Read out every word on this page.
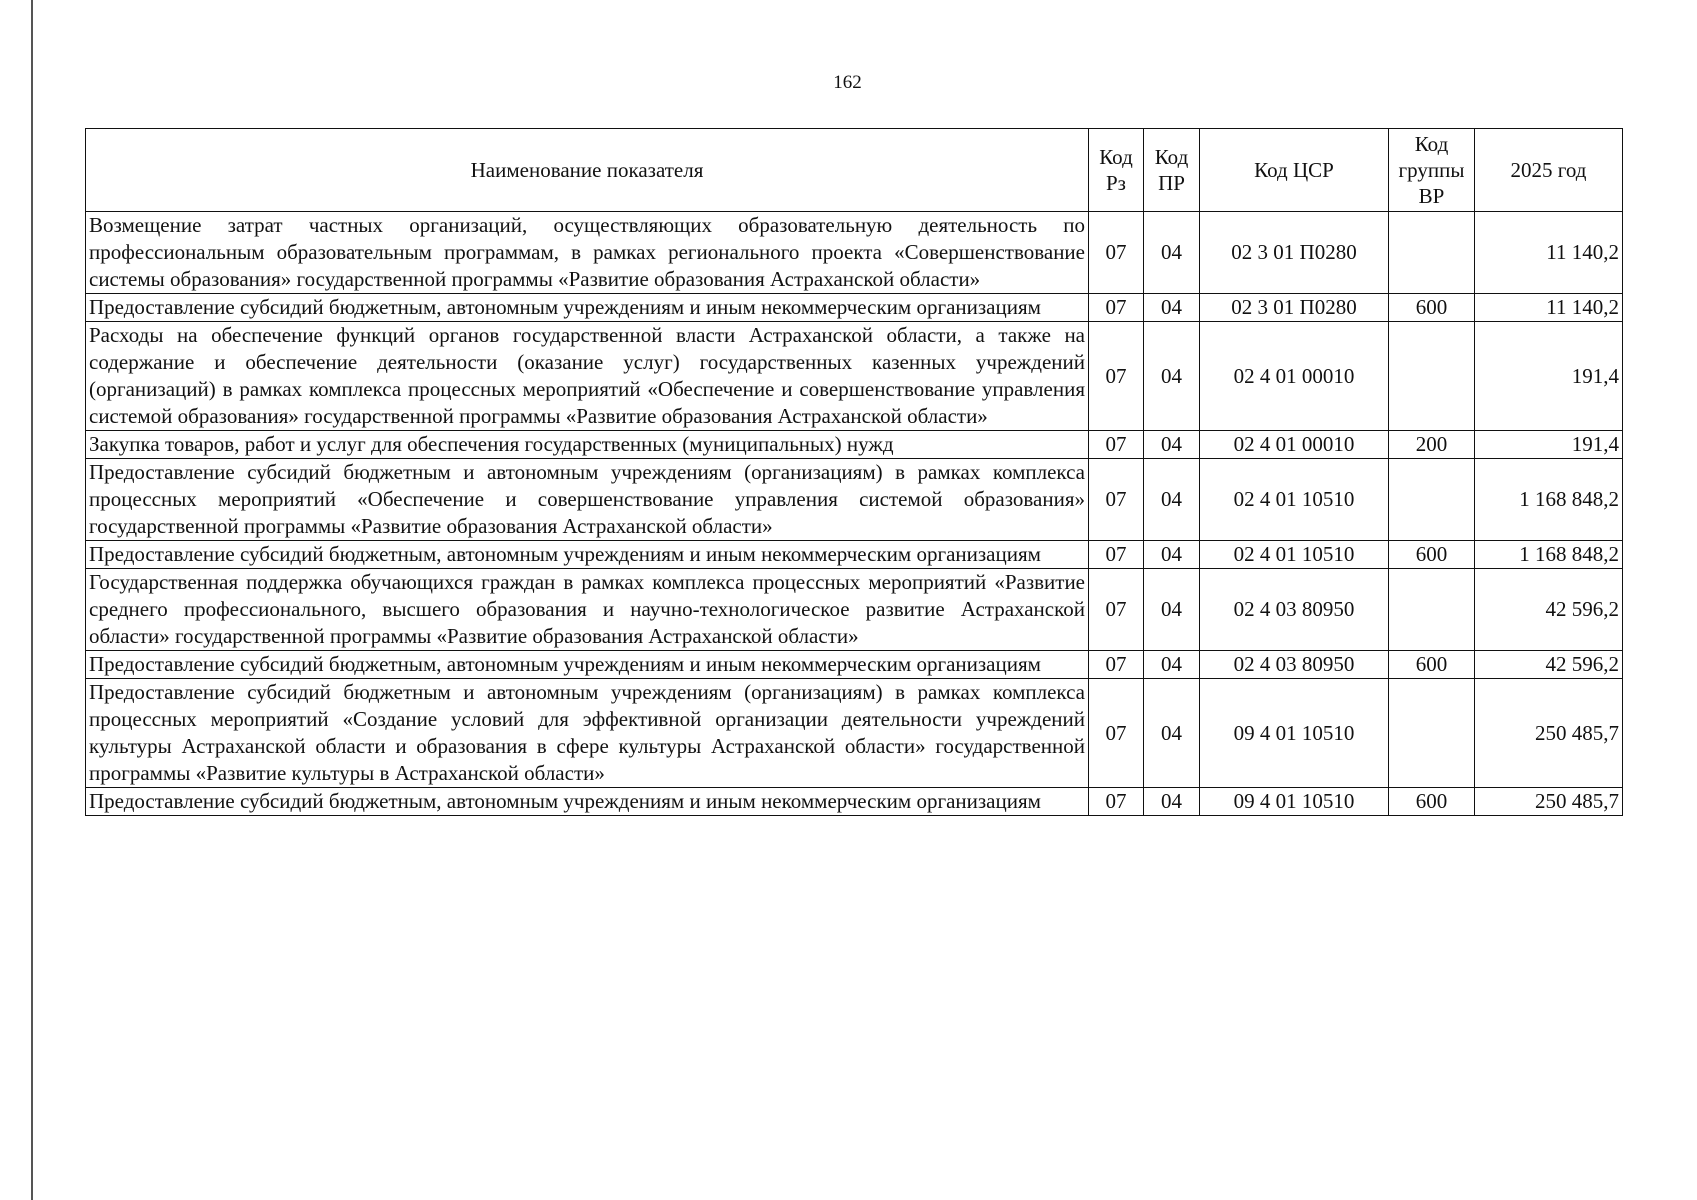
162
Наименование показателя	Код Рз	Код ПР	Код ЦСР	Код группы ВР	2025 год
Возмещение затрат частных организаций, осуществляющих образовательную деятельность по профессиональным образовательным программам, в рамках регионального проекта «Совершенствование системы образования» государственной программы «Развитие образования Астраханской области»	07	04	02 3 01 П0280		11 140,2
Предоставление субсидий бюджетным, автономным учреждениям и иным некоммерческим организациям	07	04	02 3 01 П0280	600	11 140,2
Расходы на обеспечение функций органов государственной власти Астраханской области, а также на содержание и обеспечение деятельности (оказание услуг) государственных казенных учреждений (организаций) в рамках комплекса процессных мероприятий «Обеспечение и совершенствование управления системой образования» государственной программы «Развитие образования Астраханской области»	07	04	02 4 01 00010		191,4
Закупка товаров, работ и услуг для обеспечения государственных (муниципальных) нужд	07	04	02 4 01 00010	200	191,4
Предоставление субсидий бюджетным и автономным учреждениям (организациям) в рамках комплекса процессных мероприятий «Обеспечение и совершенствование управления системой образования» государственной программы «Развитие образования Астраханской области»	07	04	02 4 01 10510		1 168 848,2
Предоставление субсидий бюджетным, автономным учреждениям и иным некоммерческим организациям	07	04	02 4 01 10510	600	1 168 848,2
Государственная поддержка обучающихся граждан в рамках комплекса процессных мероприятий «Развитие среднего профессионального, высшего образования и научно-технологическое развитие Астраханской области» государственной программы «Развитие образования Астраханской области»	07	04	02 4 03 80950		42 596,2
Предоставление субсидий бюджетным, автономным учреждениям и иным некоммерческим организациям	07	04	02 4 03 80950	600	42 596,2
Предоставление субсидий бюджетным и автономным учреждениям (организациям) в рамках комплекса процессных мероприятий «Создание условий для эффективной организации деятельности учреждений культуры Астраханской области и образования в сфере культуры Астраханской области» государственной программы «Развитие культуры в Астраханской области»	07	04	09 4 01 10510		250 485,7
Предоставление субсидий бюджетным, автономным учреждениям и иным некоммерческим организациям	07	04	09 4 01 10510	600	250 485,7
